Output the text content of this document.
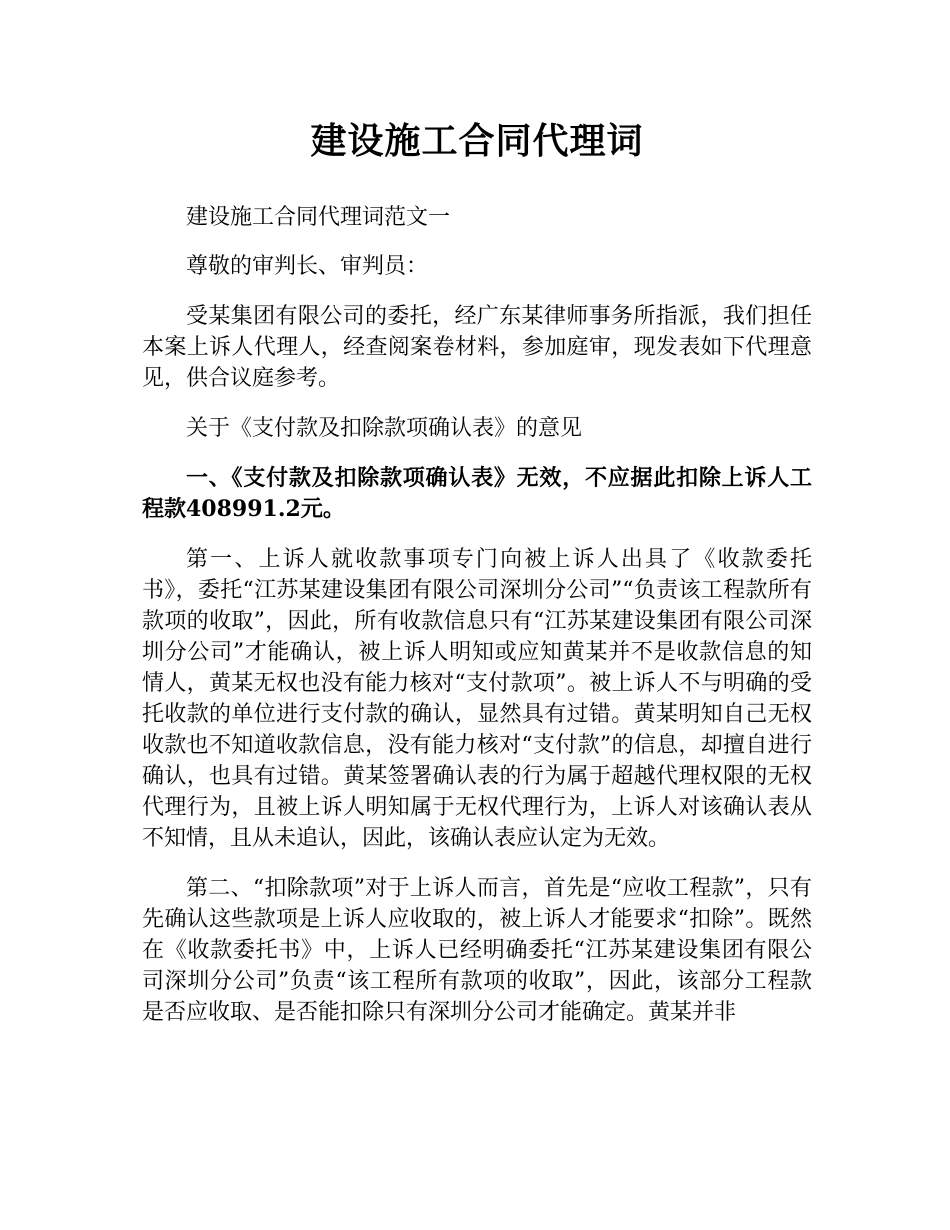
建设施工合同代理词

建设施工合同代理词范文一

尊敬的审判长、审判员：

受某集团有限公司的委托，经广东某律师事务所指派，我们担任本案上诉人代理人，经查阅案卷材料，参加庭审，现发表如下代理意见，供合议庭参考。

关于《支付款及扣除款项确认表》的意见

一、《支付款及扣除款项确认表》无效，不应据此扣除上诉人工程款408991.2元。

第一、上诉人就收款事项专门向被上诉人出具了《收款委托书》，委托“江苏某建设集团有限公司深圳分公司”“负责该工程款所有款项的收取”，因此，所有收款信息只有“江苏某建设集团有限公司深圳分公司”才能确认，被上诉人明知或应知黄某并不是收款信息的知情人，黄某无权也没有能力核对“支付款项”。被上诉人不与明确的受托收款的单位进行支付款的确认，显然具有过错。黄某明知自己无权收款也不知道收款信息，没有能力核对“支付款”的信息，却擅自进行确认，也具有过错。黄某签署确认表的行为属于超越代理权限的无权代理行为，且被上诉人明知属于无权代理行为，上诉人对该确认表从不知情，且从未追认，因此，该确认表应认定为无效。

第二、“扣除款项”对于上诉人而言，首先是“应收工程款”，只有先确认这些款项是上诉人应收取的，被上诉人才能要求“扣除”。既然在《收款委托书》中，上诉人已经明确委托“江苏某建设集团有限公司深圳分公司”负责“该工程所有款项的收取”，因此，该部分工程款是否应收取、是否能扣除只有深圳分公司才能确定。黄某并非
